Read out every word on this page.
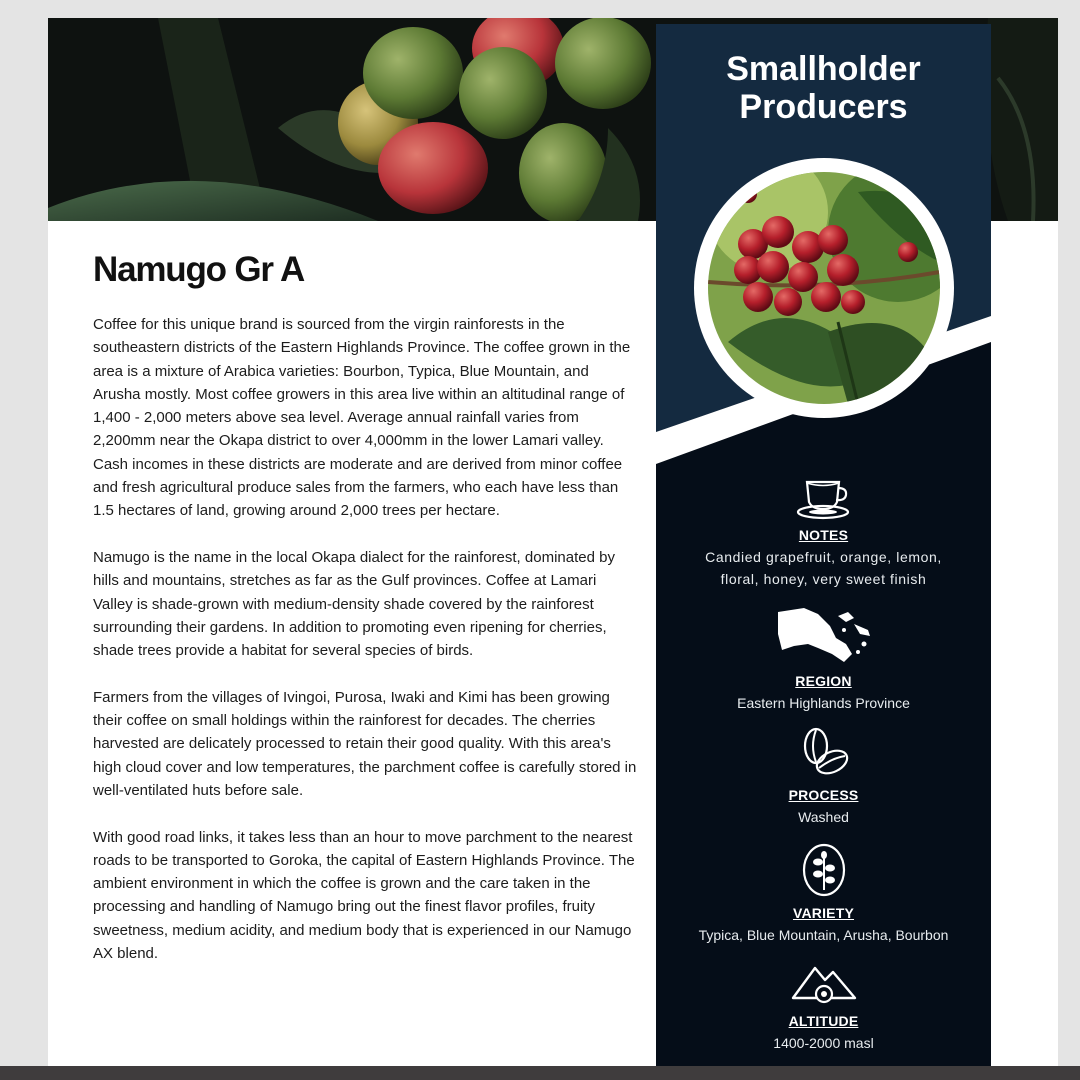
Namugo Gr A

Coffee for this unique brand is sourced from the virgin rainforests in the southeastern districts of the Eastern Highlands Province. The coffee grown in the area is a mixture of Arabica varieties: Bourbon, Typica, Blue Mountain, and Arusha mostly. Most coffee growers in this area live within an altitudinal range of 1,400 - 2,000 meters above sea level. Average annual rainfall varies from 2,200mm near the Okapa district to over 4,000mm in the lower Lamari valley. Cash incomes in these districts are moderate and are derived from minor coffee and fresh agricultural produce sales from the farmers, who each have less than 1.5 hectares of land, growing around 2,000 trees per hectare.

Namugo is the name in the local Okapa dialect for the rainforest, dominated by hills and mountains, stretches as far as the Gulf provinces. Coffee at Lamari Valley is shade-grown with medium-density shade covered by the rainforest surrounding their gardens. In addition to promoting even ripening for cherries, shade trees provide a habitat for several species of birds.

Farmers from the villages of Ivingoi, Purosa, Iwaki and Kimi has been growing their coffee on small holdings within the rainforest for decades. The cherries harvested are delicately processed to retain their good quality. With this area's high cloud cover and low temperatures, the parchment coffee is carefully stored in well-ventilated huts before sale.

With good road links, it takes less than an hour to move parchment to the nearest roads to be transported to Goroka, the capital of Eastern Highlands Province. The ambient environment in which the coffee is grown and the care taken in the processing and handling of Namugo bring out the finest flavor profiles, fruity sweetness, medium acidity, and medium body that is experienced in our Namugo AX blend.

Smallholder
Producers
NOTES
Candied grapefruit, orange, lemon,
floral, honey, very sweet finish
REGION
Eastern Highlands Province
PROCESS
Washed
VARIETY
Typica, Blue Mountain, Arusha, Bourbon
ALTITUDE
1400-2000 masl
